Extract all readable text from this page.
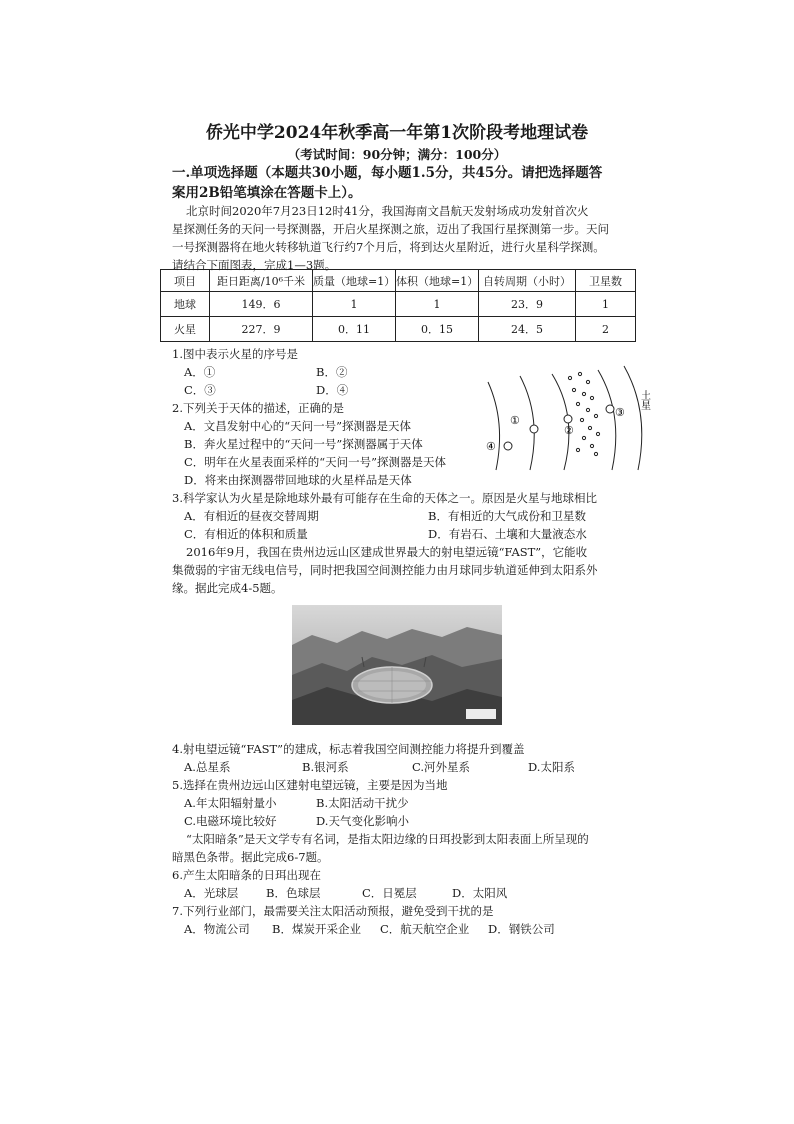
侨光中学2024年秋季高一年第1次阶段考地理试卷
（考试时间：90分钟；满分：100分）
一.单项选择题（本题共30小题，每小题1.5分，共45分。请把选择题答
案用2B铅笔填涂在答题卡上）。
北京时间2020年7月23日12时41分，我国海南文昌航天发射场成功发射首次火
星探测任务的天问一号探测器，开启火星探测之旅，迈出了我国行星探测第一步。天问
一号探测器将在地火转移轨道飞行约7个月后，将到达火星附近，进行火星科学探测。
请结合下面图表，完成1—3题。
项目	距日距离/10⁶千米	质量（地球=1）	体积（地球=1）	自转周期（小时）	卫星数
地球	149．6	1	1	23．9	1
火星	227．9	0．11	0．15	24．5	2
1.图中表示火星的序号是
A．①	B．②
C．③	D．④
①
②
③
④
土星
2.下列关于天体的描述，正确的是
A．文昌发射中心的“天问一号”探测器是天体
B．奔火星过程中的“天问一号”探测器属于天体
C．明年在火星表面采样的“天问一号”探测器是天体
D．将来由探测器带回地球的火星样品是天体
3.科学家认为火星是除地球外最有可能存在生命的天体之一。原因是火星与地球相比
A．有相近的昼夜交替周期	B．有相近的大气成份和卫星数
C．有相近的体积和质量	D．有岩石、土壤和大量液态水
2016年9月，我国在贵州边远山区建成世界最大的射电望远镜“FAST”，它能收
集微弱的宇宙无线电信号，同时把我国空间测控能力由月球同步轨道延伸到太阳系外
缘。据此完成4-5题。
4.射电望远镜“FAST”的建成，标志着我国空间测控能力将提升到覆盖
A.总星系	B.银河系	C.河外星系	D.太阳系
5.选择在贵州边远山区建射电望远镜，主要是因为当地
A.年太阳辐射量小	B.太阳活动干扰少
C.电磁环境比较好	D.天气变化影响小
“太阳暗条”是天文学专有名词，是指太阳边缘的日珥投影到太阳表面上所呈现的
暗黑色条带。据此完成6-7题。
6.产生太阳暗条的日珥出现在
A．光球层 B．色球层	C．日冕层	D．太阳风
7.下列行业部门，最需要关注太阳活动预报，避免受到干扰的是
A．物流公司 B．煤炭开采企业 C．航天航空企业 D．钢铁公司
